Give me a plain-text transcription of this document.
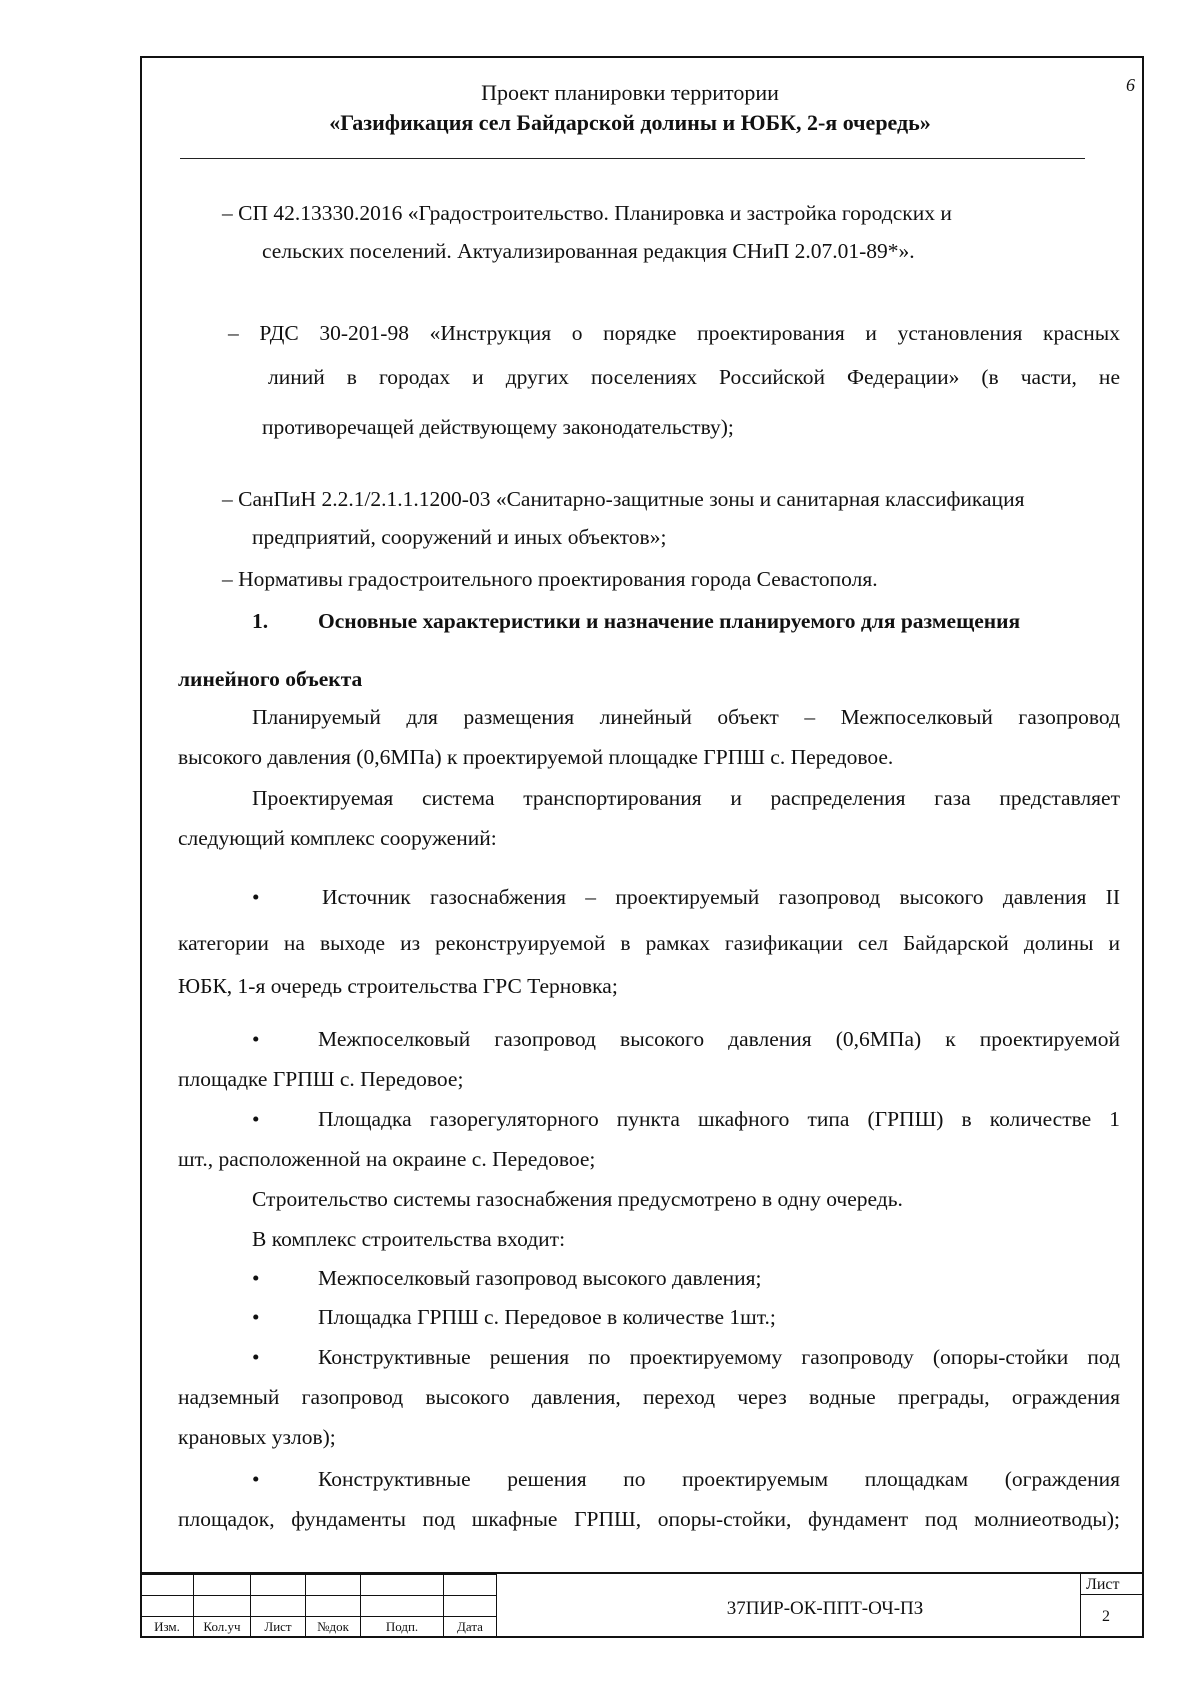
6
Проект планировки территории
«Газификация сел Байдарской долины и ЮБК, 2-я очередь»
– СП 42.13330.2016 «Градостроительство. Планировка и застройка городских и
сельских поселений. Актуализированная редакция СНиП 2.07.01-89*».
– РДС 30-201-98 «Инструкция о порядке проектирования и установления красных
линий в городах и других поселениях Российской Федерации» (в части, не
противоречащей действующему законодательству);
– СанПиН 2.2.1/2.1.1.1200-03 «Санитарно-защитные зоны и санитарная классификация
предприятий, сооружений и иных объектов»;
– Нормативы градостроительного проектирования города Севастополя.
1. Основные характеристики и назначение планируемого для размещения
линейного объекта
Планируемый для размещения линейный объект – Межпоселковый газопровод
высокого давления (0,6МПа) к проектируемой площадке ГРПШ с. Передовое.
Проектируемая система транспортирования и распределения газа представляет
следующий комплекс сооружений:
•	Источник газоснабжения – проектируемый газопровод высокого давления II
категории на выходе из реконструируемой в рамках газификации сел Байдарской долины и
ЮБК, 1-я очередь строительства ГРС Терновка;
•	Межпоселковый газопровод высокого давления (0,6МПа) к проектируемой
площадке ГРПШ с. Передовое;
•	Площадка газорегуляторного пункта шкафного типа (ГРПШ) в количестве 1
шт., расположенной на окраине с. Передовое;
Строительство системы газоснабжения предусмотрено в одну очередь.
В комплекс строительства входит:
•	Межпоселковый газопровод высокого давления;
•	Площадка ГРПШ с. Передовое в количестве 1шт.;
•	Конструктивные решения по проектируемому газопроводу (опоры-стойки под
надземный газопровод высокого давления, переход через водные преграды, ограждения
крановых узлов);
•	Конструктивные решения по проектируемым площадкам (ограждения
площадок, фундаменты под шкафные ГРПШ, опоры-стойки, фундамент под молниеотводы);

Изм.	Кол.уч	Лист	№док	Подп.	Дата
37ПИР-ОК-ППТ-ОЧ-ПЗ
Лист
2
